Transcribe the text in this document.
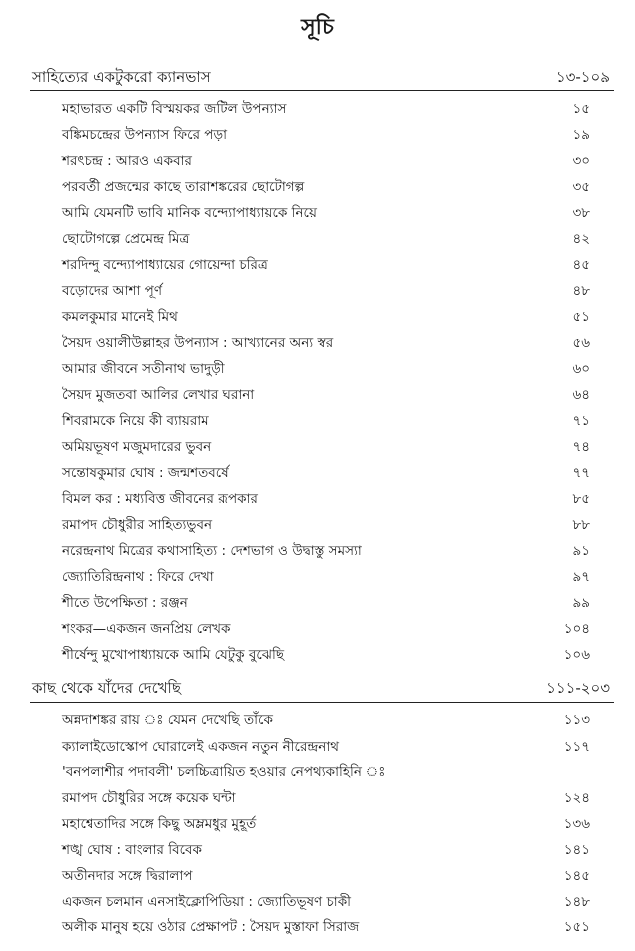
সূচি
সাহিত্যের একটুকরো ক্যানভাস	১৩-১০৯
মহাভারত একটি বিস্ময়কর জটিল উপন্যাস	১৫
বঙ্কিমচন্দ্রের উপন্যাস ফিরে পড়া	১৯
শরৎচন্দ্র : আরও একবার	৩০
পরবর্তী প্রজন্মের কাছে তারাশঙ্করের ছোটোগল্প	৩৫
আমি যেমনটি ভাবি মানিক বন্দ্যোপাধ্যায়কে নিয়ে	৩৮
ছোটোগল্পে প্রেমেন্দ্র মিত্র	৪২
শরদিন্দু বন্দ্যোপাধ্যায়ের গোয়েন্দা চরিত্র	৪৫
বড়োদের আশা পূর্ণ	৪৮
কমলকুমার মানেই মিথ	৫১
সৈয়দ ওয়ালীউল্লাহর উপন্যাস : আখ্যানের অন্য স্বর	৫৬
আমার জীবনে সতীনাথ ভাদুড়ী	৬০
সৈয়দ মুজতবা আলির লেখার ঘরানা	৬৪
শিবরামকে নিয়ে কী ব্যায়রাম	৭১
অমিয়ভূষণ মজুমদারের ভুবন	৭৪
সন্তোষকুমার ঘোষ : জন্মশতবর্ষে	৭৭
বিমল কর : মধ্যবিত্ত জীবনের রূপকার	৮৫
রমাপদ চৌধুরীর সাহিত্যভুবন	৮৮
নরেন্দ্রনাথ মিত্রের কথাসাহিত্য : দেশভাগ ও উদ্বাস্তু সমস্যা	৯১
জ্যোতিরিন্দ্রনাথ : ফিরে দেখা	৯৭
শীতে উপেক্ষিতা : রঞ্জন	৯৯
শংকর—একজন জনপ্রিয় লেখক	১০৪
শীর্ষেন্দু মুখোপাধ্যায়কে আমি যেটুকু বুঝেছি	১০৬
কাছ থেকে যাঁদের দেখেছি	১১১-২০৩
অন্নদাশঙ্কর রায় ঃ যেমন দেখেছি তাঁকে	১১৩
ক্যালাইডোস্কোপ ঘোরালেই একজন নতুন নীরেন্দ্রনাথ	১১৭
'বনপলাশীর পদাবলী' চলচ্চিত্রায়িত হওয়ার নেপথ্যকাহিনি ঃ
রমাপদ চৌধুরির সঙ্গে কয়েক ঘন্টা	১২৪
মহাশ্বেতাদির সঙ্গে কিছু অম্লমধুর মুহূর্ত	১৩৬
শঙ্খ ঘোষ : বাংলার বিবেক	১৪১
অতীনদার সঙ্গে দ্বিরালাপ	১৪৫
একজন চলমান এনসাইক্লোপিডিয়া : জ্যোতিভূষণ চাকী	১৪৮
অলীক মানুষ হয়ে ওঠার প্রেক্ষাপট : সৈয়দ মুস্তাফা সিরাজ	১৫১
